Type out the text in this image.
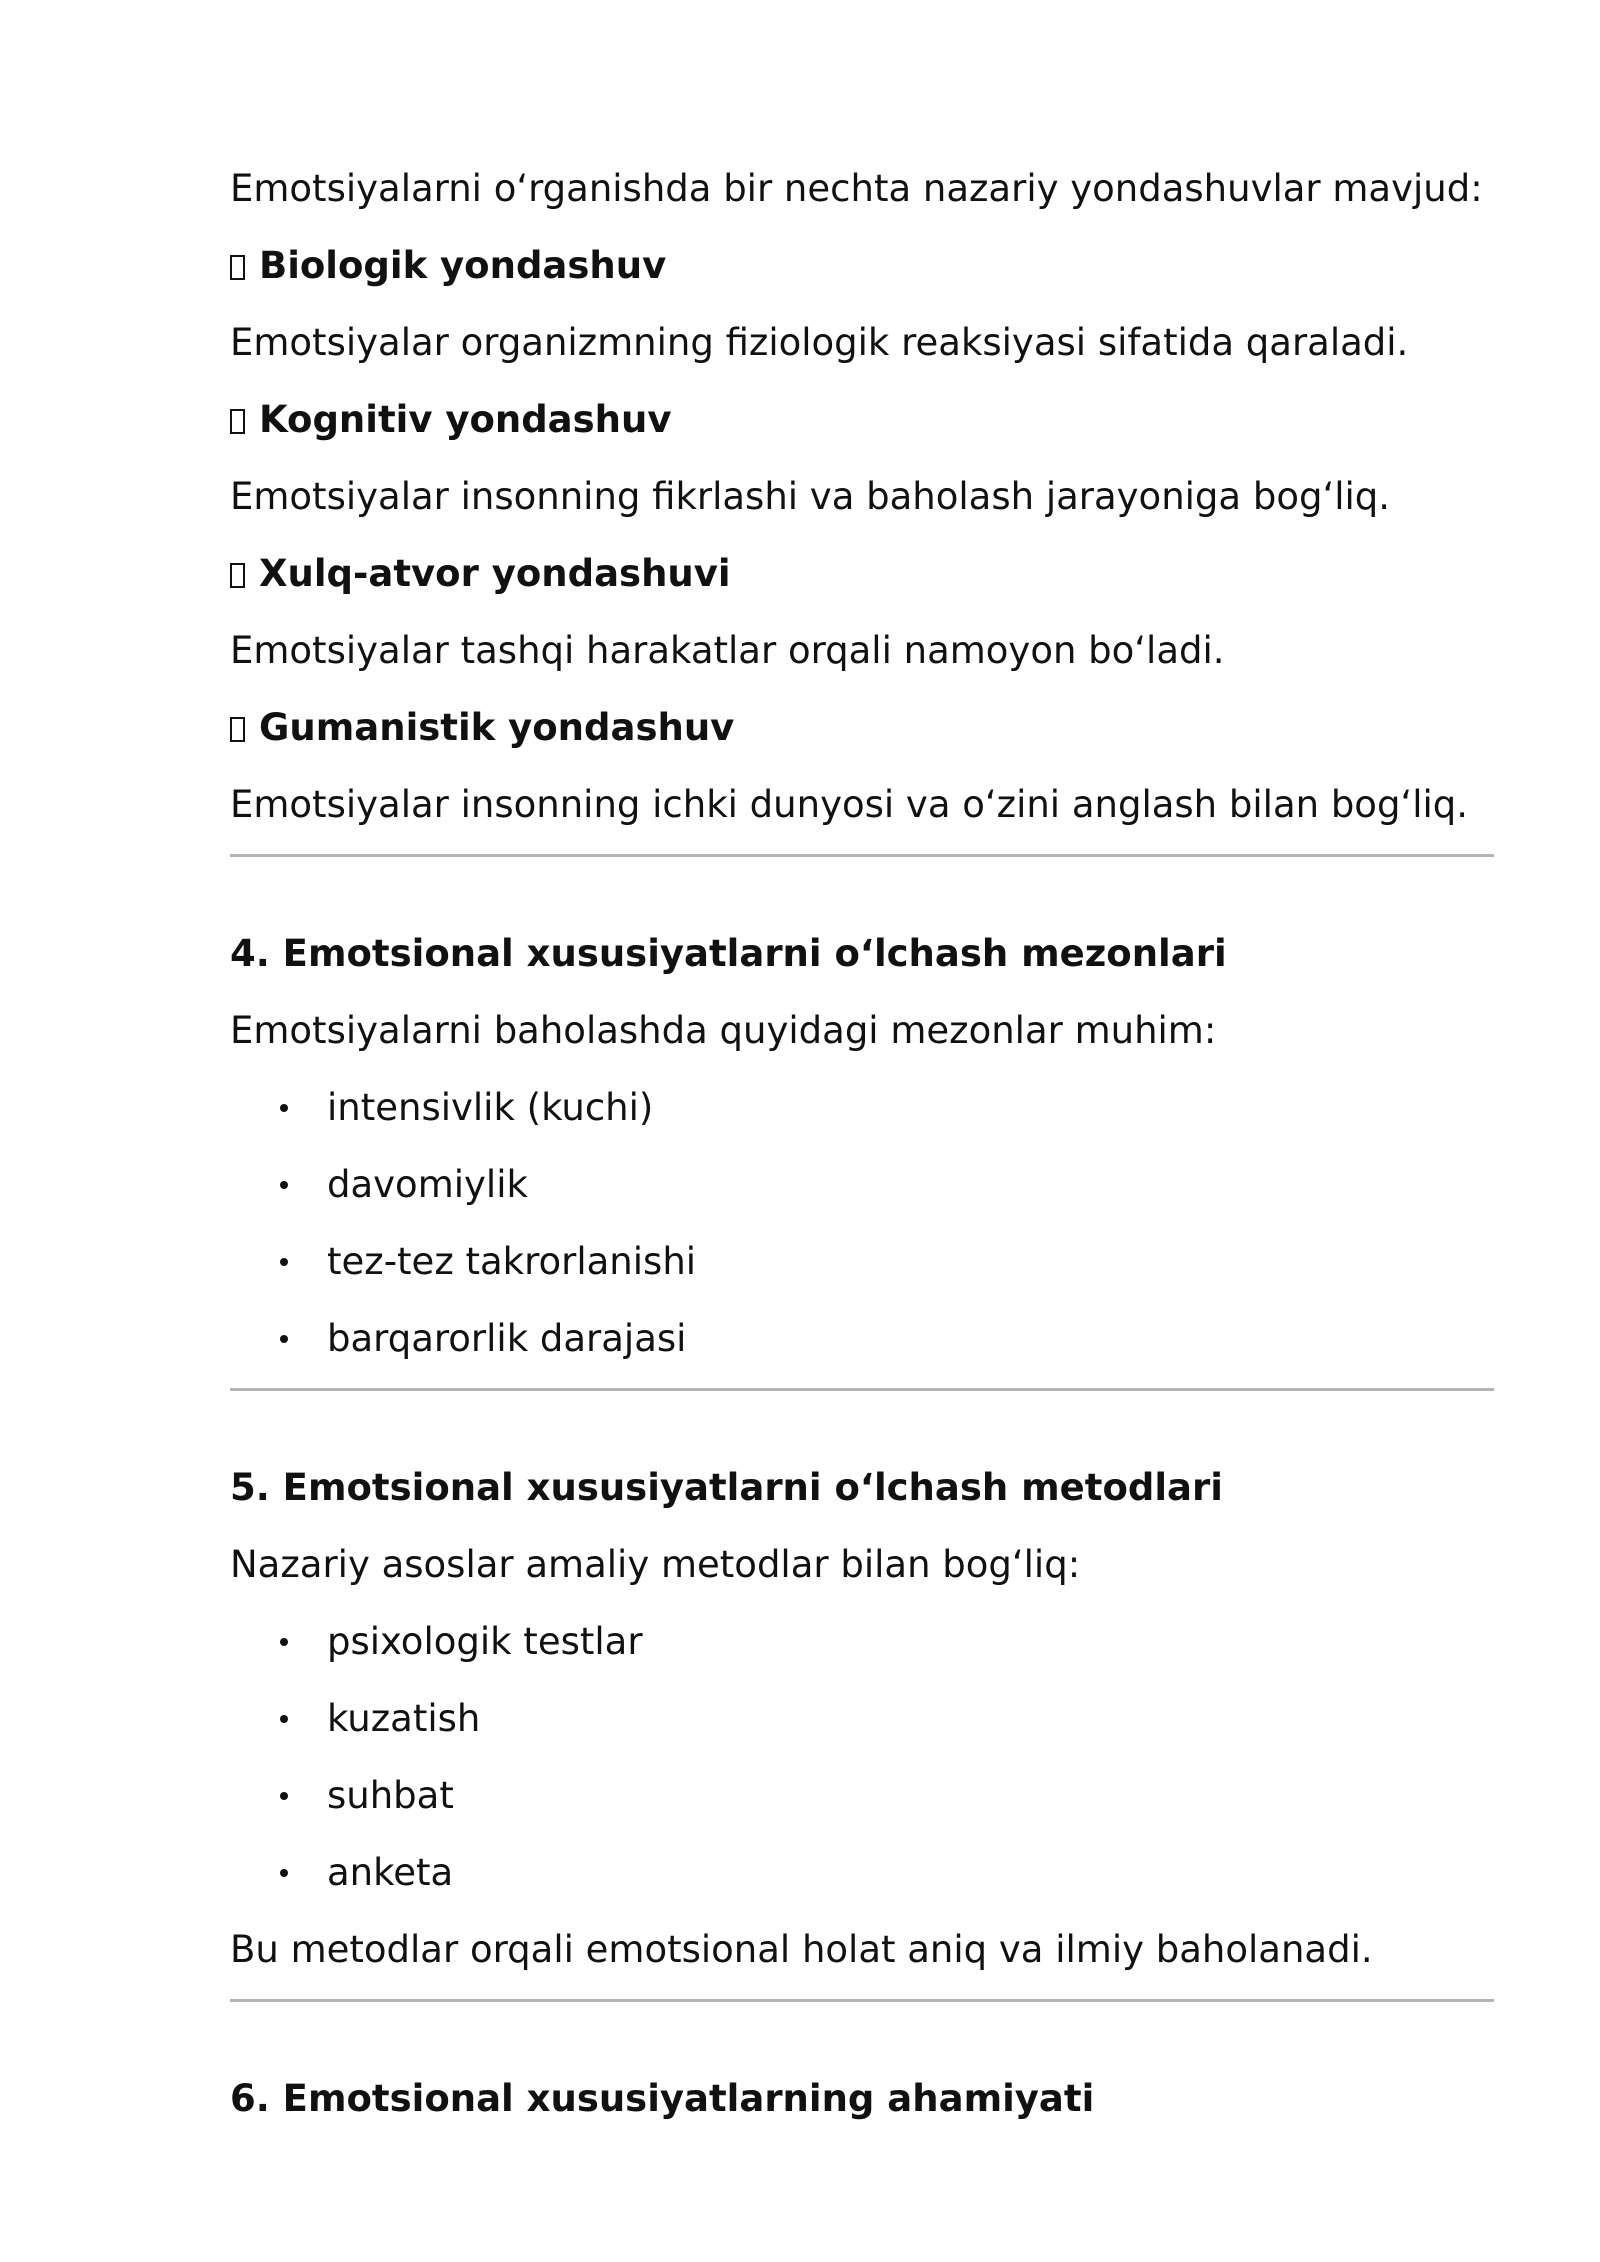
Emotsiyalarni oʻrganishda bir nechta nazariy yondashuvlar mavjud:
Biologik yondashuv
Emotsiyalar organizmning fiziologik reaksiyasi sifatida qaraladi.
Kognitiv yondashuv
Emotsiyalar insonning fikrlashi va baholash jarayoniga bogʻliq.
Xulq-atvor yondashuvi
Emotsiyalar tashqi harakatlar orqali namoyon boʻladi.
Gumanistik yondashuv
Emotsiyalar insonning ichki dunyosi va oʻzini anglash bilan bogʻliq.
4. Emotsional xususiyatlarni oʻlchash mezonlari
Emotsiyalarni baholashda quyidagi mezonlar muhim:
intensivlik (kuchi)
davomiylik
tez-tez takrorlanishi
barqarorlik darajasi
5. Emotsional xususiyatlarni oʻlchash metodlari
Nazariy asoslar amaliy metodlar bilan bogʻliq:
psixologik testlar
kuzatish
suhbat
anketa
Bu metodlar orqali emotsional holat aniq va ilmiy baholanadi.
6. Emotsional xususiyatlarning ahamiyati
